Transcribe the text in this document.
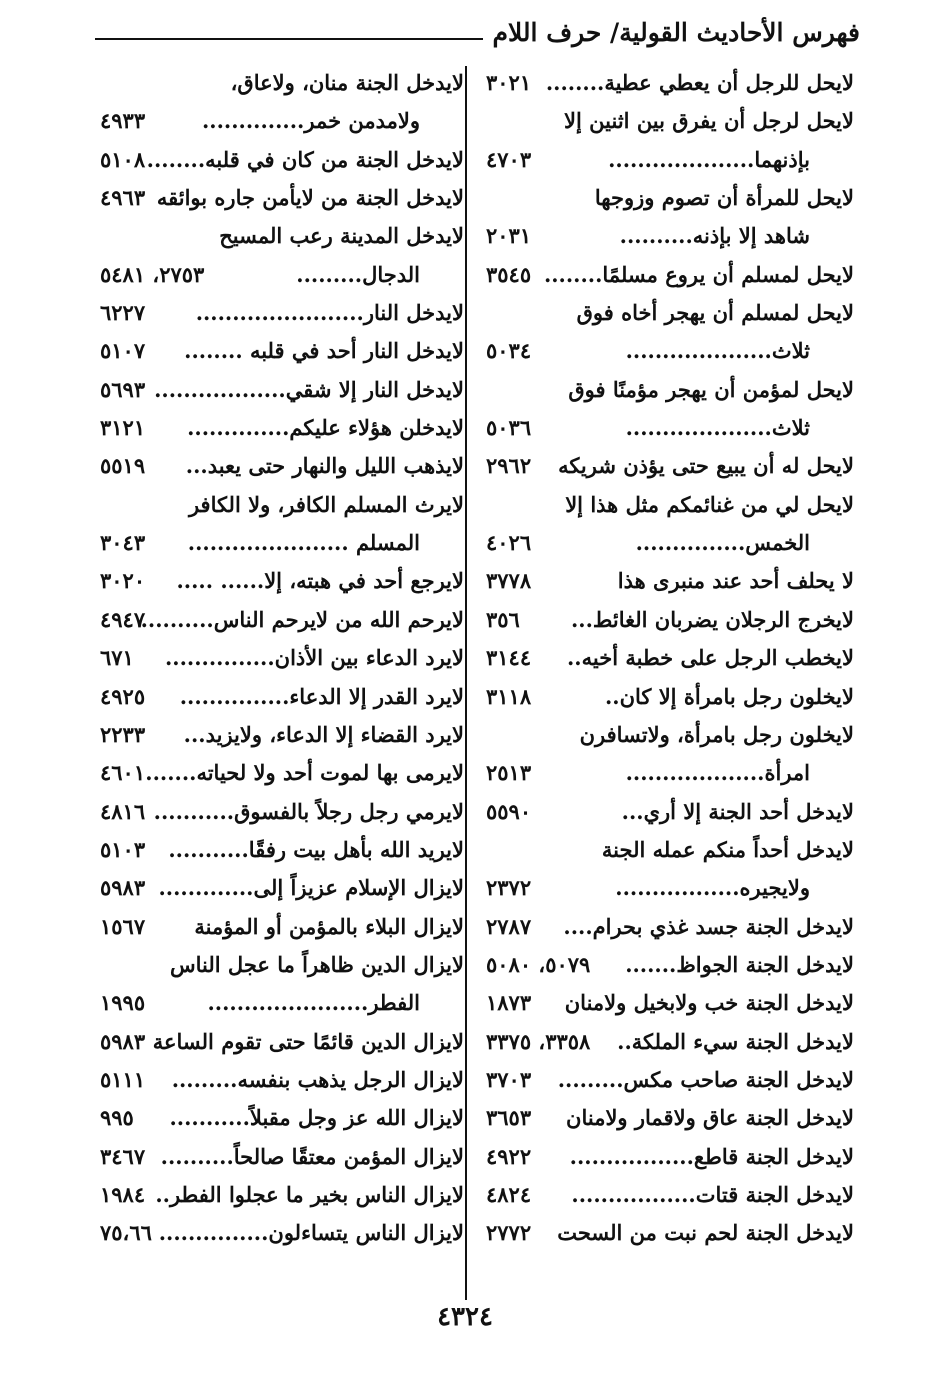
فهرس الأحاديث القولية/ حرف اللام
لايحل للرجل أن يعطي عطية........
٣٠٢١
لايحل لرجل أن يفرق بين اثنين إلا
بإذنهما....................
٤٧٠٣
لايحل للمرأة أن تصوم وزوجها
شاهد إلا بإذنه..........
٢٠٣١
لايحل لمسلم أن يروع مسلمًا........
٣٥٤٥
لايحل لمسلم أن يهجر أخاه فوق
ثلاث....................
٥٠٣٤
لايحل لمؤمن أن يهجر مؤمنًا فوق
ثلاث....................
٥٠٣٦
لايحل له أن يبيع حتى يؤذن شريكه
٢٩٦٢
لايحل لي من غنائمكم مثل هذا إلا
الخمس...............
٤٠٢٦
لا يحلف أحد عند منبرى هذا
٣٧٧٨
لايخرج الرجلان يضربان الغائط...
٣٥٦
لايخطب الرجل على خطبة أخيه..
٣١٤٤
لايخلون رجل بامرأة إلا كان..
٣١١٨
لايخلون رجل بامرأة، ولاتسافرن
امرأة...................
٢٥١٣
لايدخل أحد الجنة إلا أري...
٥٥٩٠
لايدخل أحداً منكم عمله الجنة
ولايجيره.................
٢٣٧٢
لايدخل الجنة جسد غذي بحرام....
٢٧٨٧
لايدخل الجنة الجواظ.......
٥٠٧٩، ٥٠٨٠
لايدخل الجنة خب ولابخيل ولامنان
١٨٧٣
لايدخل الجنة سيء الملكة..
٣٣٥٨، ٣٣٧٥
لايدخل الجنة صاحب مكس.........
٣٧٠٣
لايدخل الجنة عاق ولاقمار ولامنان
٣٦٥٣
لايدخل الجنة قاطع.................
٤٩٢٢
لايدخل الجنة قتات.................
٤٨٢٤
لايدخل الجنة لحم نبت من السحت
٢٧٧٢
لايدخل الجنة منان، ولاعاق،
ولامدمن خمر..............
٤٩٣٣
لايدخل الجنة من كان في قلبه........
٥١٠٨
لايدخل الجنة من لايأمن جاره بوائقه
٤٩٦٣
لايدخل المدينة رعب المسيح
الدجال.........
٢٧٥٣، ٥٤٨١
لايدخل النار.......................
٦٢٢٧
لايدخل النار أحد في قلبه ........
٥١٠٧
لايدخل النار إلا شقي..................
٥٦٩٣
لايدخلن هؤلاء عليكم..............
٣١٢١
لايذهب الليل والنهار حتى يعبد...
٥٥١٩
لايرث المسلم الكافر، ولا الكافر
المسلم ......................
٣٠٤٣
لايرجع أحد في هبته، إلا...... .....
٣٠٢٠
لايرحم الله من لايرحم الناس..........
٤٩٤٧
لايرد الدعاء بين الأذان...............
٦٧١
لايرد القدر إلا الدعاء...............
٤٩٢٥
لايرد القضاء إلا الدعاء، ولايزيد...
٢٢٣٣
لايرمى بها لموت أحد ولا لحياته.......
٤٦٠١
لايرمي رجل رجلاً بالفسوق...........
٤٨١٦
لايريد الله بأهل بيت رفقًا...........
٥١٠٣
لايزال الإسلام عزيزاً إلى.............
٥٩٨٣
لايزال البلاء بالمؤمن أو المؤمنة
١٥٦٧
لايزال الدين ظاهراً ما عجل الناس
الفطر......................
١٩٩٥
لايزال الدين قائمًا حتى تقوم الساعة
٥٩٨٣
لايزال الرجل يذهب بنفسه.........
٥١١١
لايزال الله عز وجل مقبلاً...........
٩٩٥
لايزال المؤمن معتقًا صالحاً..........
٣٤٦٧
لايزال الناس بخير ما عجلوا الفطر..
١٩٨٤
لايزال الناس يتساءلون...............
٧٥،٦٦
٤٣٢٤
